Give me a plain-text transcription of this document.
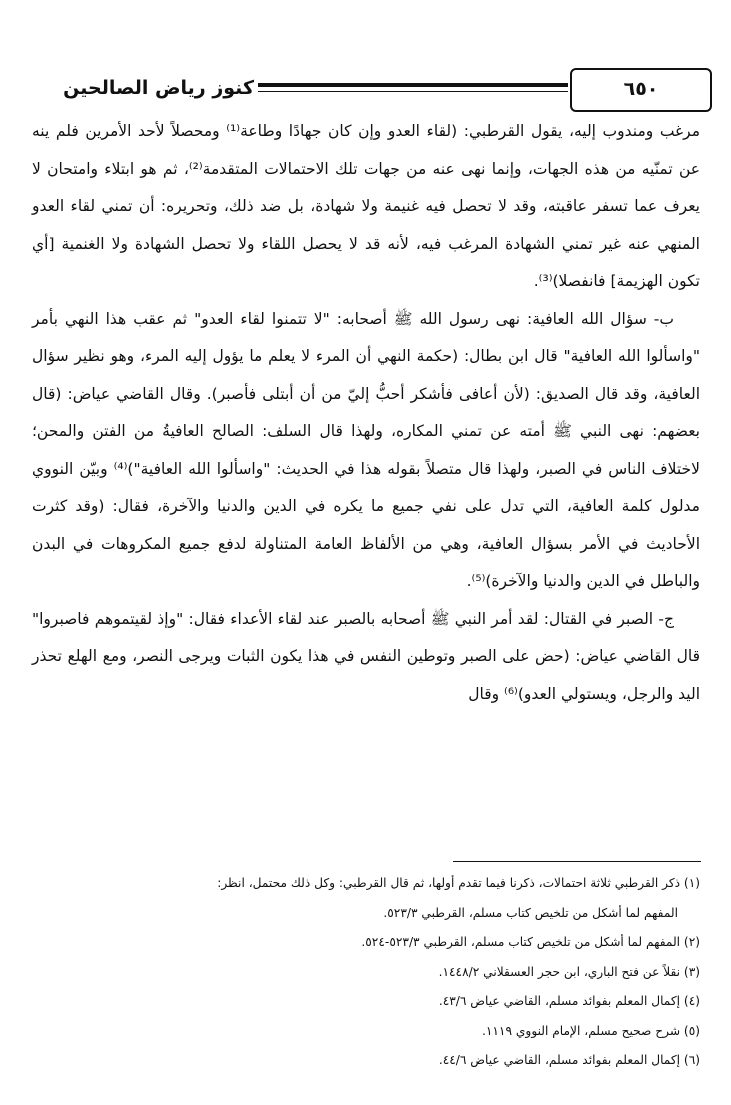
٦٥٠
كنوز رياض الصالحين

مرغب ومندوب إليه، يقول القرطبي: (لقاء العدو وإن كان جهادًا وطاعة⁽¹⁾ ومحصلاً لأحد الأمرين فلم ينه عن تمنّيه من هذه الجهات، وإنما نهى عنه من جهات تلك الاحتمالات المتقدمة⁽²⁾، ثم هو ابتلاء وامتحان لا يعرف عما تسفر عاقبته، وقد لا تحصل فيه غنيمة ولا شهادة، بل ضد ذلك، وتحريره: أن تمني لقاء العدو المنهي عنه غير تمني الشهادة المرغب فيه، لأنه قد لا يحصل اللقاء ولا تحصل الشهادة ولا الغنمية [أي تكون الهزيمة] فانفصلا)⁽³⁾.

ب- سؤال الله العافية: نهى رسول الله ﷺ أصحابه: "لا تتمنوا لقاء العدو" ثم عقب هذا النهي بأمر "واسألوا الله العافية" قال ابن بطال: (حكمة النهي أن المرء لا يعلم ما يؤول إليه المرء، وهو نظير سؤال العافية، وقد قال الصديق: (لأن أعافى فأشكر أحبُّ إليّ من أن أبتلى فأصبر). وقال القاضي عياض: (قال بعضهم: نهى النبي ﷺ أمته عن تمني المكاره، ولهذا قال السلف: الصالح العافيةُ من الفتن والمحن؛ لاختلاف الناس في الصبر، ولهذا قال متصلاً بقوله هذا في الحديث: "واسألوا الله العافية")⁽⁴⁾ وبيّن النووي مدلول كلمة العافية، التي تدل على نفي جميع ما يكره في الدين والدنيا والآخرة، فقال: (وقد كثرت الأحاديث في الأمر بسؤال العافية، وهي من الألفاظ العامة المتناولة لدفع جميع المكروهات في البدن والباطل في الدين والدنيا والآخرة)⁽⁵⁾.

ج- الصبر في القتال: لقد أمر النبي ﷺ أصحابه بالصبر عند لقاء الأعداء فقال: "وإذ لقيتموهم فاصبروا" قال القاضي عياض: (حض على الصبر وتوطين النفس في هذا يكون الثبات ويرجى النصر، ومع الهلع تحذر اليد والرجل، ويستولي العدو)⁽⁶⁾ وقال

(١) ذكر القرطبي ثلاثة احتمالات، ذكرنا فيما تقدم أولها، ثم قال القرطبي: وكل ذلك محتمل، انظر:

المفهم لما أشكل من تلخيص كتاب مسلم، القرطبي ٥٢٣/٣.

(٢) المفهم لما أشكل من تلخيص كتاب مسلم، القرطبي ٥٢٣/٣-٥٢٤.

(٣) نقلاً عن فتح الباري، ابن حجر العسقلاني ١٤٤٨/٢.

(٤) إكمال المعلم بفوائد مسلم، القاضي عياض ٤٣/٦.

(٥) شرح صحيح مسلم، الإمام النووي ١١١٩.

(٦) إكمال المعلم بفوائد مسلم، القاضي عياض ٤٤/٦.
